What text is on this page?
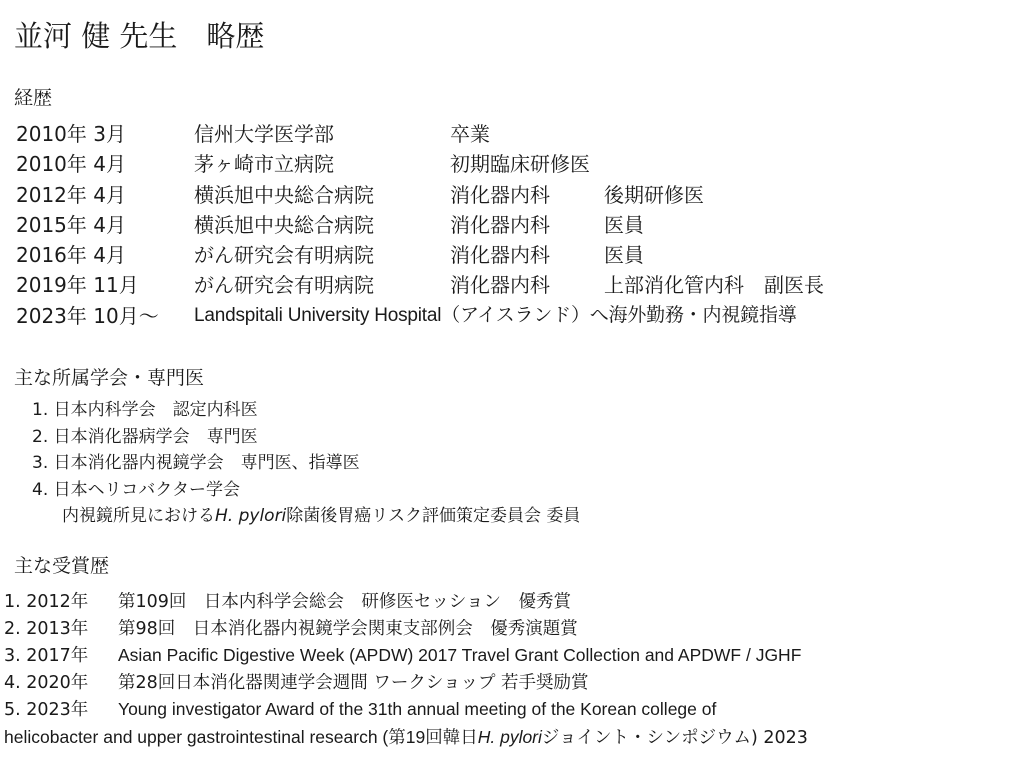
並河 健 先生　略歴
経歴
2010年 3月	信州大学医学部	卒業
2010年 4月	茅ヶ崎市立病院	初期臨床研修医
2012年 4月	横浜旭中央総合病院	消化器内科	後期研修医
2015年 4月	横浜旭中央総合病院	消化器内科	医員
2016年 4月	がん研究会有明病院	消化器内科	医員
2019年 11月	がん研究会有明病院	消化器内科	上部消化管内科　副医長
2023年 10月～ Landspitali University Hospital（アイスランド）へ海外勤務・内視鏡指導
主な所属学会・専門医
1. 日本内科学会　認定内科医
2. 日本消化器病学会　専門医
3. 日本消化器内視鏡学会　専門医、指導医
4. 日本ヘリコバクター学会
内視鏡所見におけるH. pylori除菌後胃癌リスク評価策定委員会 委員
主な受賞歴
1. 2012年 第109回　日本内科学会総会　研修医セッション　優秀賞
2. 2013年 第98回　日本消化器内視鏡学会関東支部例会　優秀演題賞
3. 2017年 Asian Pacific Digestive Week (APDW) 2017 Travel Grant Collection and APDWF / JGHF
4. 2020年 第28回日本消化器関連学会週間 ワークショップ 若手奨励賞
5. 2023年 Young investigator Award of the 31th annual meeting of the Korean college of
helicobacter and upper gastrointestinal research (第19回韓日H. pyloriジョイント・シンポジウム) 2023
